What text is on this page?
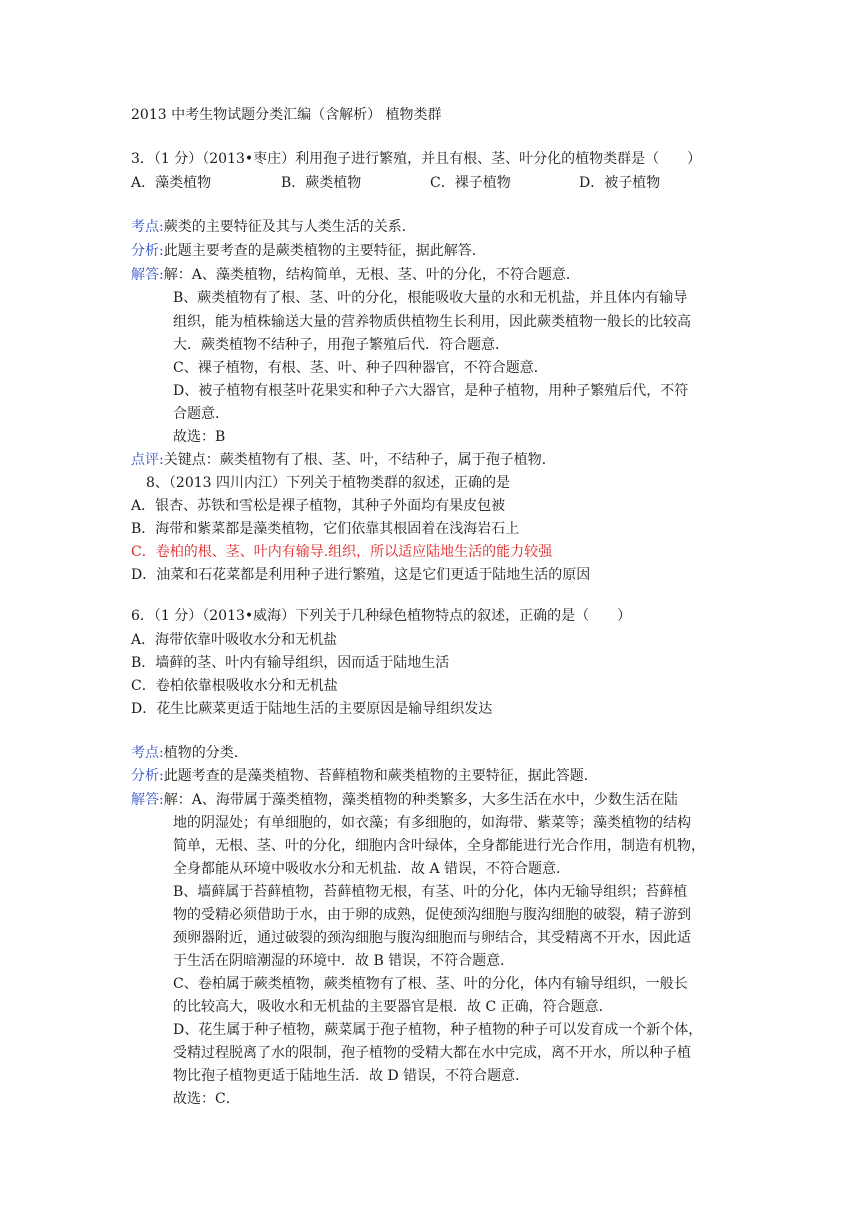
2013 中考生物试题分类汇编（含解析） 植物类群
3．（1 分）（2013•枣庄）利用孢子进行繁殖，并且有根、茎、叶分化的植物类群是（　　）
A．藻类植物	B．蕨类植物	C．裸子植物	D．被子植物
考点:蕨类的主要特征及其与人类生活的关系．
分析:此题主要考查的是蕨类植物的主要特征，据此解答．
解答:解：A、藻类植物，结构简单，无根、茎、叶的分化，不符合题意．
B、蕨类植物有了根、茎、叶的分化，根能吸收大量的水和无机盐，并且体内有输导
组织，能为植株输送大量的营养物质供植物生长利用，因此蕨类植物一般长的比较高
大．蕨类植物不结种子，用孢子繁殖后代．符合题意．
C、裸子植物，有根、茎、叶、种子四种器官，不符合题意．
D、被子植物有根茎叶花果实和种子六大器官，是种子植物，用种子繁殖后代，不符
合题意．
故选：B
点评:关键点：蕨类植物有了根、茎、叶，不结种子，属于孢子植物．
8、（2013 四川内江）下列关于植物类群的叙述，正确的是
A．银杏、苏铁和雪松是裸子植物，其种子外面均有果皮包被
B．海带和紫菜都是藻类植物，它们依靠其根固着在浅海岩石上
C．卷柏的根、茎、叶内有输导.组织，所以适应陆地生活的能力较强
D．油菜和石花菜都是利用种子进行繁殖，这是它们更适于陆地生活的原因
6．（1 分）（2013•威海）下列关于几种绿色植物特点的叙述，正确的是（　　）
A．海带依靠叶吸收水分和无机盐
B．墙藓的茎、叶内有输导组织，因而适于陆地生活
C．卷柏依靠根吸收水分和无机盐
D．花生比蕨菜更适于陆地生活的主要原因是输导组织发达
考点:植物的分类．
分析:此题考查的是藻类植物、苔藓植物和蕨类植物的主要特征，据此答题．
解答:解：A、海带属于藻类植物，藻类植物的种类繁多，大多生活在水中，少数生活在陆
地的阴湿处；有单细胞的，如衣藻；有多细胞的，如海带、紫菜等；藻类植物的结构
简单，无根、茎、叶的分化，细胞内含叶绿体，全身都能进行光合作用，制造有机物，
全身都能从环境中吸收水分和无机盐．故 A 错误，不符合题意．
B、墙藓属于苔藓植物，苔藓植物无根，有茎、叶的分化，体内无输导组织；苔藓植
物的受精必须借助于水，由于卵的成熟，促使颈沟细胞与腹沟细胞的破裂，精子游到
颈卵器附近，通过破裂的颈沟细胞与腹沟细胞而与卵结合，其受精离不开水，因此适
于生活在阴暗潮湿的环境中．故 B 错误，不符合题意．
C、卷柏属于蕨类植物，蕨类植物有了根、茎、叶的分化，体内有输导组织，一般长
的比较高大，吸收水和无机盐的主要器官是根．故 C 正确，符合题意．
D、花生属于种子植物，蕨菜属于孢子植物，种子植物的种子可以发育成一个新个体，
受精过程脱离了水的限制，孢子植物的受精大都在水中完成，离不开水，所以种子植
物比孢子植物更适于陆地生活．故 D 错误，不符合题意．
故选：C．
